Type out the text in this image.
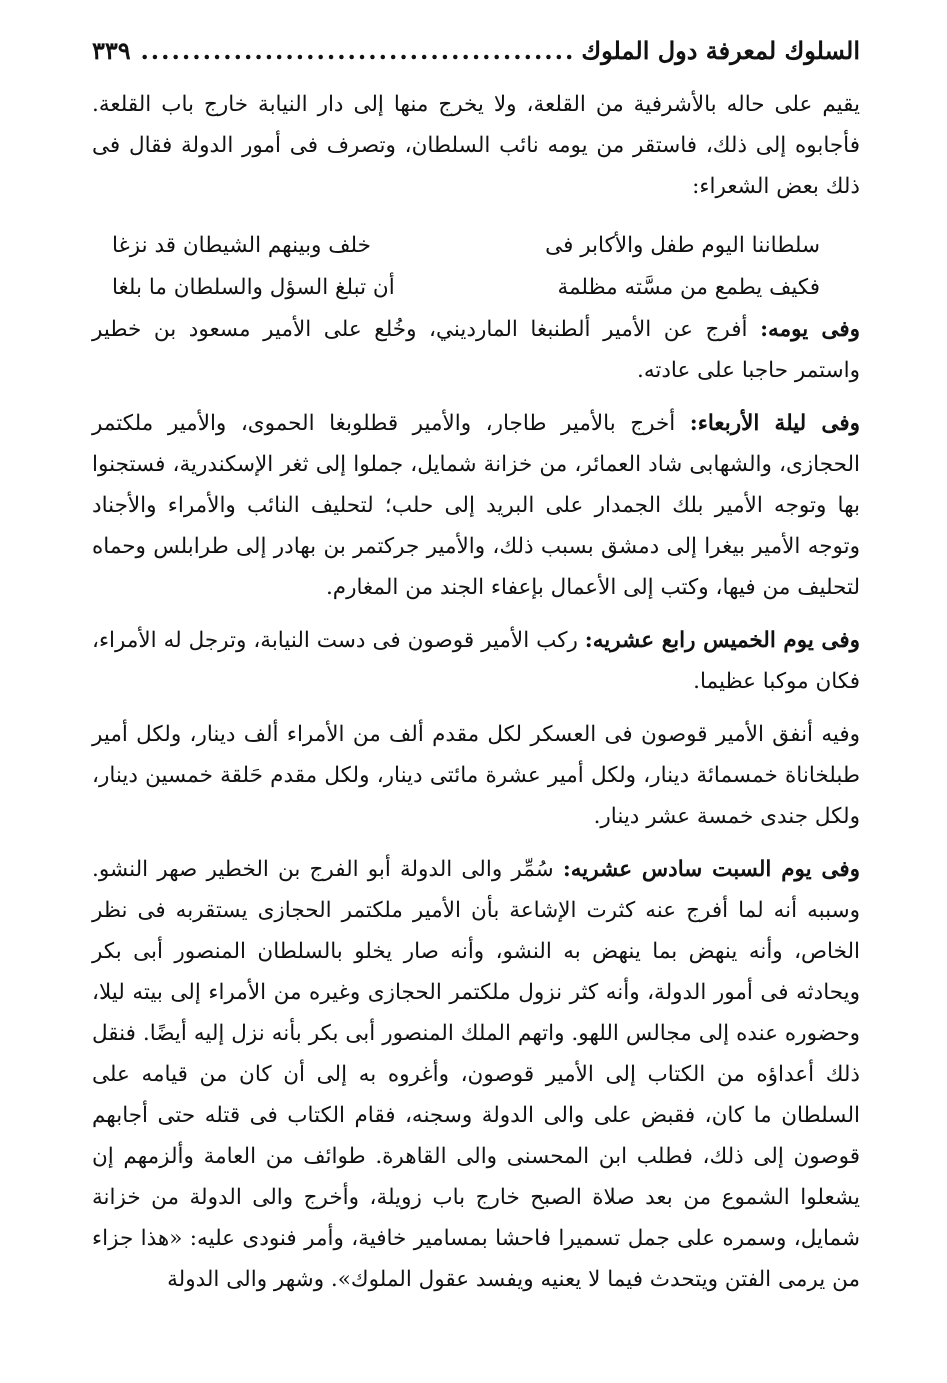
السلوك لمعرفة دول الملوك
.....
٣٣٩

يقيم على حاله بالأشرفية من القلعة، ولا يخرج منها إلى دار النيابة خارج باب القلعة. فأجابوه إلى ذلك، فاستقر من يومه نائب السلطان، وتصرف فى أمور الدولة فقال فى ذلك بعض الشعراء:

سلطاننا اليوم طفل والأكابر فى
خلف وبينهم الشيطان قد نزغا
فكيف يطمع من مسَّته مظلمة
أن تبلغ السؤل والسلطان ما بلغا

وفى يومه: أفرج عن الأمير ألطنبغا المارديني، وخُلع على الأمير مسعود بن خطير واستمر حاجبا على عادته.

وفى ليلة الأربعاء: أخرج بالأمير طاجار، والأمير قطلوبغا الحموى، والأمير ملكتمر الحجازى، والشهابى شاد العمائر، من خزانة شمايل، جملوا إلى ثغر الإسكندرية، فستجنوا بها وتوجه الأمير بلك الجمدار على البريد إلى حلب؛ لتحليف النائب والأمراء والأجناد وتوجه الأمير بيغرا إلى دمشق بسبب ذلك، والأمير جركتمر بن بهادر إلى طرابلس وحماه لتحليف من فيها، وكتب إلى الأعمال بإعفاء الجند من المغارم.

وفى يوم الخميس رابع عشريه: ركب الأمير قوصون فى دست النيابة، وترجل له الأمراء، فكان موكبا عظيما.

وفيه أنفق الأمير قوصون فى العسكر لكل مقدم ألف من الأمراء ألف دينار، ولكل أمير طبلخاناة خمسمائة دينار، ولكل أمير عشرة مائتى دينار، ولكل مقدم حَلقة خمسين دينار، ولكل جندى خمسة عشر دينار.

وفى يوم السبت سادس عشريه: سُمِّر والى الدولة أبو الفرج بن الخطير صهر النشو. وسببه أنه لما أفرج عنه كثرت الإشاعة بأن الأمير ملكتمر الحجازى يستقربه فى نظر الخاص، وأنه ينهض بما ينهض به النشو، وأنه صار يخلو بالسلطان المنصور أبى بكر ويحادثه فى أمور الدولة، وأنه كثر نزول ملكتمر الحجازى وغيره من الأمراء إلى بيته ليلا، وحضوره عنده إلى مجالس اللهو. واتهم الملك المنصور أبى بكر بأنه نزل إليه أيضًا. فنقل ذلك أعداؤه من الكتاب إلى الأمير قوصون، وأغروه به إلى أن كان من قيامه على السلطان ما كان، فقبض على والى الدولة وسجنه، فقام الكتاب فى قتله حتى أجابهم قوصون إلى ذلك، فطلب ابن المحسنى والى القاهرة. طوائف من العامة وألزمهم إن يشعلوا الشموع من بعد صلاة الصبح خارج باب زويلة، وأخرج والى الدولة من خزانة شمايل، وسمره على جمل تسميرا فاحشا بمسامير خافية، وأمر فنودى عليه: «هذا جزاء من يرمى الفتن ويتحدث فيما لا يعنيه ويفسد عقول الملوك». وشهر والى الدولة
